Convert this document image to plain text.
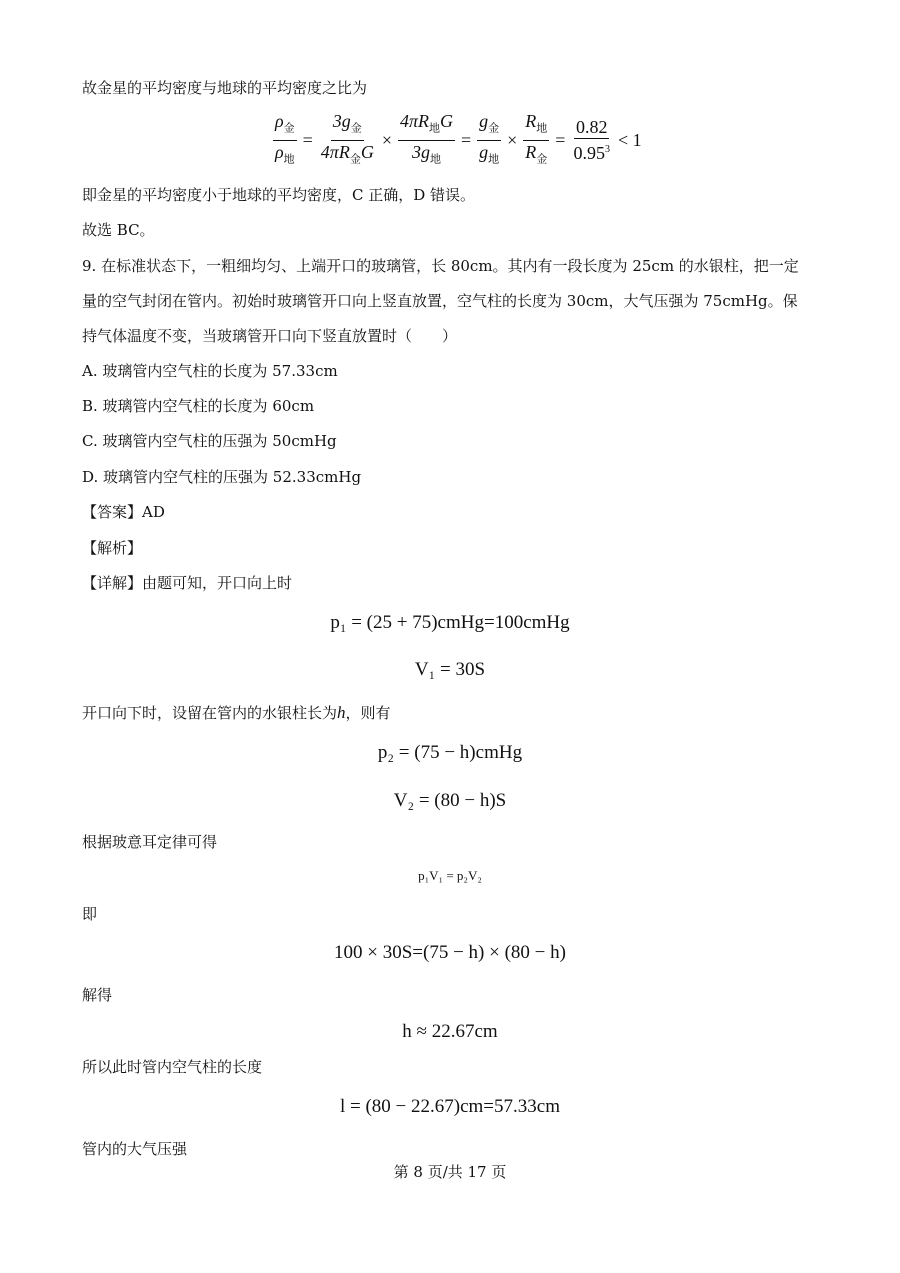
故金星的平均密度与地球的平均密度之比为
$\frac{\rho_金}{\rho_地} = \frac{3g_金}{4\pi R_金G} \times \frac{4\pi R_地G}{3g_地} = \frac{g_金}{g_地} \times \frac{R_地}{R_金} = \frac{0.82}{0.95^3} < 1$
即金星的平均密度小于地球的平均密度，C 正确，D 错误。
故选 BC。
9. 在标准状态下，一粗细均匀、上端开口的玻璃管，长 80cm。其内有一段长度为 25cm 的水银柱，把一定
量的空气封闭在管内。初始时玻璃管开口向上竖直放置，空气柱的长度为 30cm，大气压强为 75cmHg。保
持气体温度不变，当玻璃管开口向下竖直放置时（　　）
A. 玻璃管内空气柱的长度为 57.33cm
B. 玻璃管内空气柱的长度为 60cm
C. 玻璃管内空气柱的压强为 50cmHg
D. 玻璃管内空气柱的压强为 52.33cmHg
【答案】AD
【解析】
【详解】由题可知，开口向上时
p₁ = (25 + 75)cmHg=100cmHg
V₁ = 30S
开口向下时，设留在管内的水银柱长为h，则有
p₂ = (75 − h)cmHg
V₂ = (80 − h)S
根据玻意耳定律可得
p₁V₁ = p₂V₂
即
100 × 30S=(75 − h) × (80 − h)
解得
h ≈ 22.67cm
所以此时管内空气柱的长度
l = (80 − 22.67)cm=57.33cm
管内的大气压强
第 8 页/共 17 页
